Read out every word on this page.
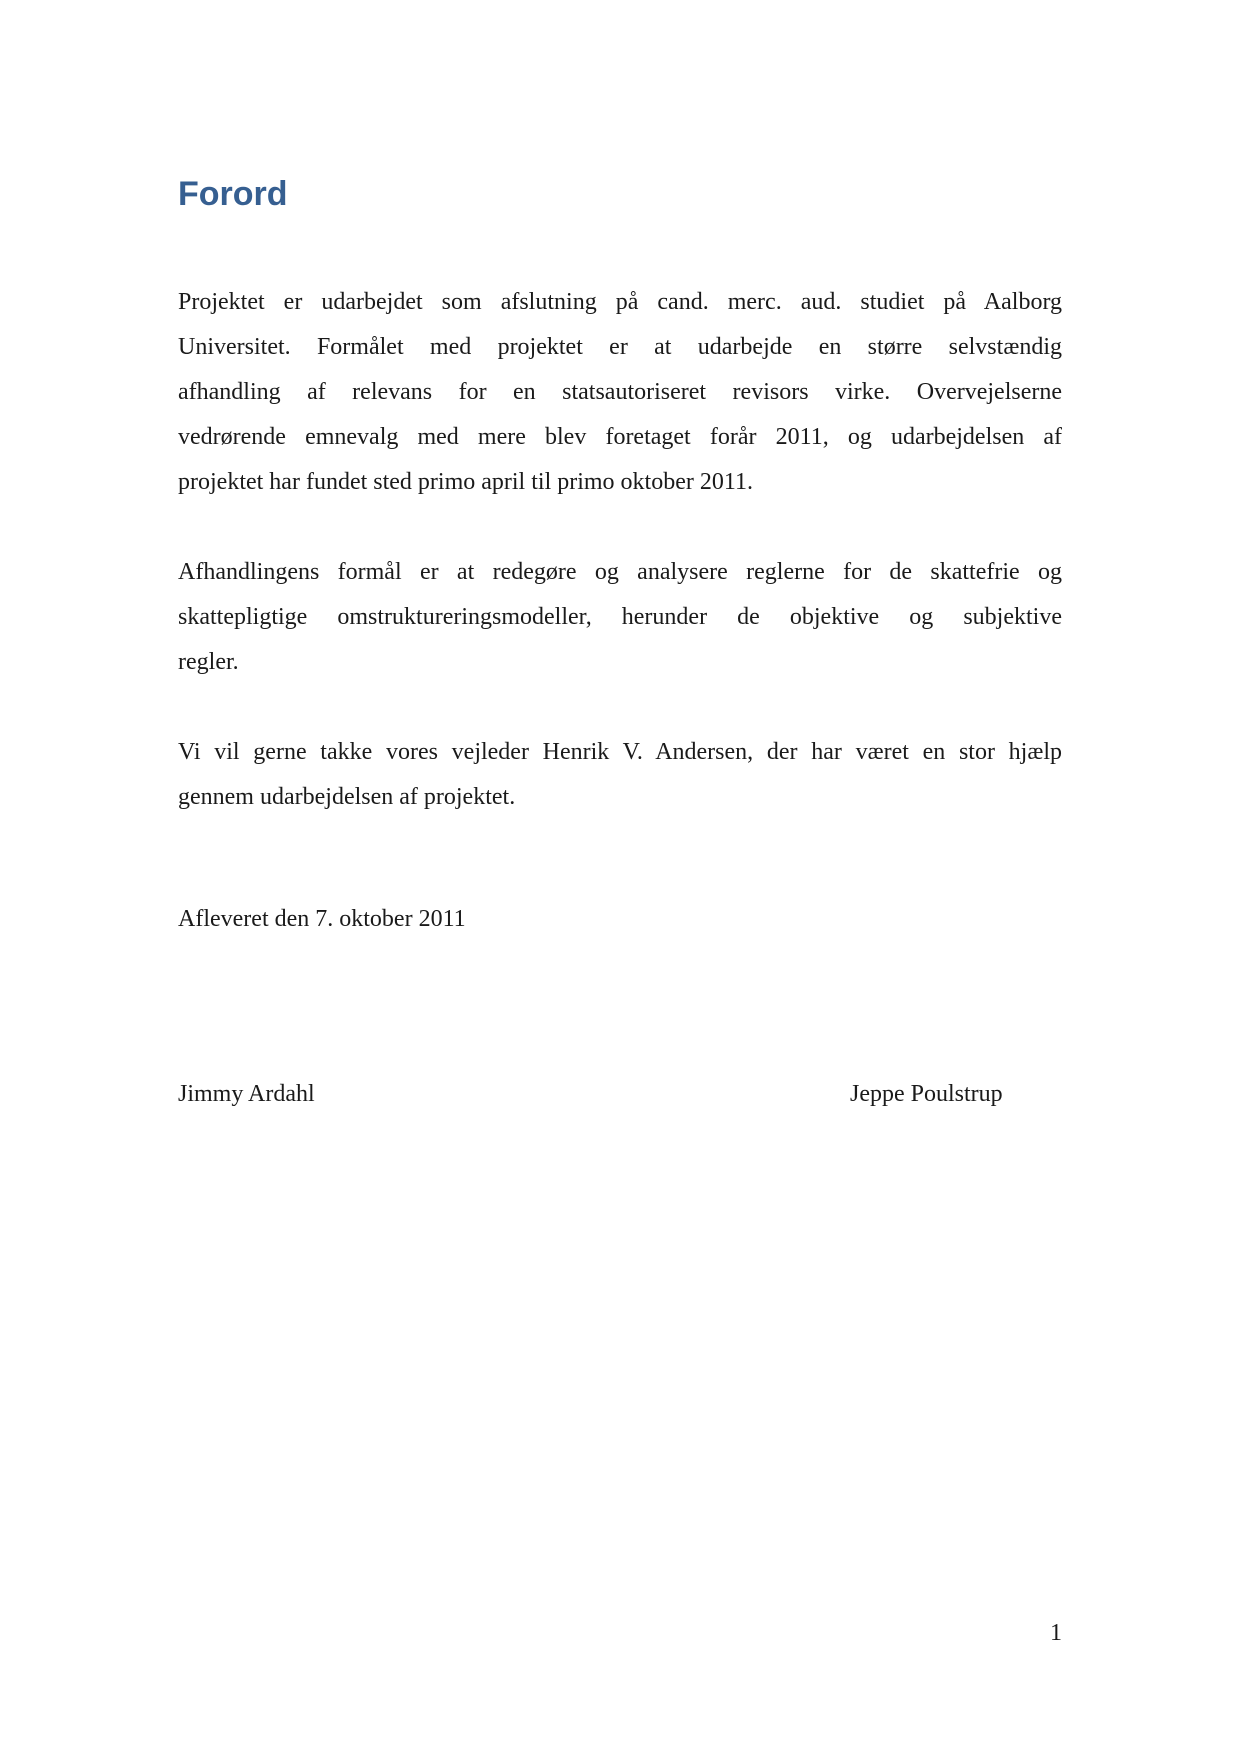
Forord

Projektet er udarbejdet som afslutning på cand. merc. aud. studiet på Aalborg

Universitet. Formålet med projektet er at udarbejde en større selvstændig

afhandling af relevans for en statsautoriseret revisors virke. Overvejelserne

vedrørende emnevalg med mere blev foretaget forår 2011, og udarbejdelsen af

projektet har fundet sted primo april til primo oktober 2011.

Afhandlingens formål er at redegøre og analysere reglerne for de skattefrie og

skattepligtige omstruktureringsmodeller, herunder de objektive og subjektive

regler.

Vi vil gerne takke vores vejleder Henrik V. Andersen, der har været en stor hjælp

gennem udarbejdelsen af projektet.

Afleveret den 7. oktober 2011

Jimmy Ardahl	Jeppe Poulstrup
1
